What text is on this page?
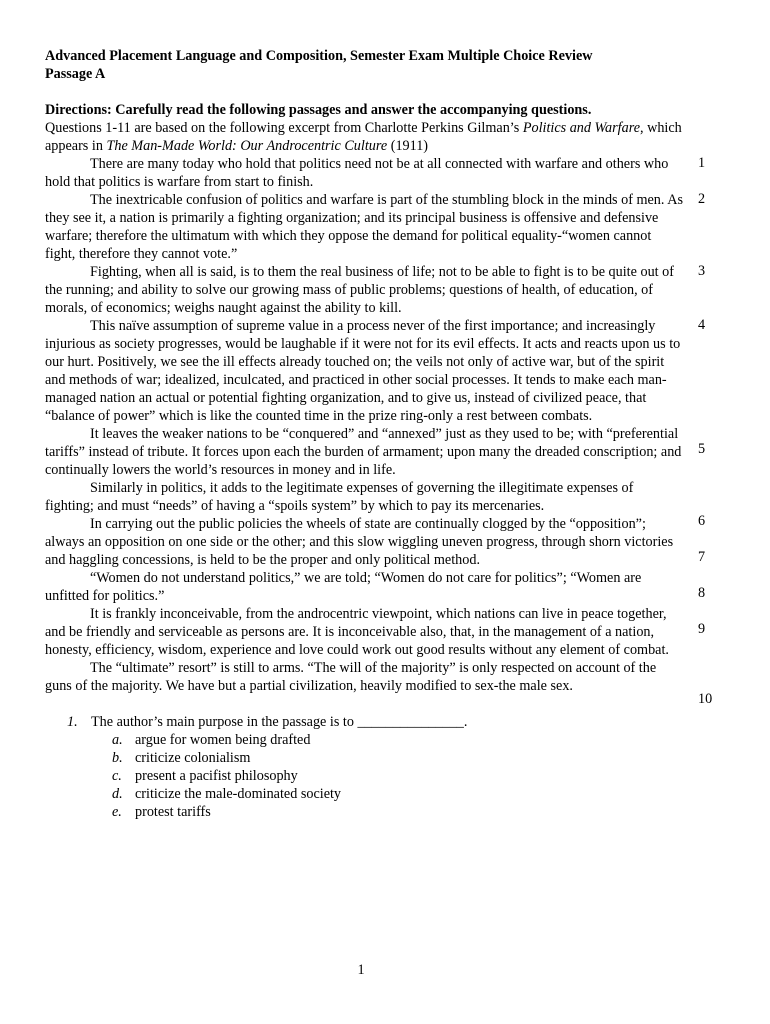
Advanced Placement Language and Composition, Semester Exam Multiple Choice Review
Passage A
Directions: Carefully read the following passages and answer the accompanying questions.
Questions 1-11 are based on the following excerpt from Charlotte Perkins Gilman’s Politics and Warfare, which appears in The Man-Made World: Our Androcentric Culture (1911)
There are many today who hold that politics need not be at all connected with warfare and others who hold that politics is warfare from start to finish.
The inextricable confusion of politics and warfare is part of the stumbling block in the minds of men. As they see it, a nation is primarily a fighting organization; and its principal business is offensive and defensive warfare; therefore the ultimatum with which they oppose the demand for political equality-“women cannot fight, therefore they cannot vote.”
Fighting, when all is said, is to them the real business of life; not to be able to fight is to be quite out of the running; and ability to solve our growing mass of public problems; questions of health, of education, of morals, of economics; weighs naught against the ability to kill.
This naïve assumption of supreme value in a process never of the first importance; and increasingly injurious as society progresses, would be laughable if it were not for its evil effects. It acts and reacts upon us to our hurt. Positively, we see the ill effects already touched on; the veils not only of active war, but of the spirit and methods of war; idealized, inculcated, and practiced in other social processes. It tends to make each man-managed nation an actual or potential fighting organization, and to give us, instead of civilized peace, that “balance of power” which is like the counted time in the prize ring-only a rest between combats.
It leaves the weaker nations to be “conquered” and “annexed” just as they used to be; with “preferential tariffs” instead of tribute. It forces upon each the burden of armament; upon many the dreaded conscription; and continually lowers the world’s resources in money and in life.
Similarly in politics, it adds to the legitimate expenses of governing the illegitimate expenses of fighting; and must “needs” of having a “spoils system” by which to pay its mercenaries.
In carrying out the public policies the wheels of state are continually clogged by the “opposition”; always an opposition on one side or the other; and this slow wiggling uneven progress, through shorn victories and haggling concessions, is held to be the proper and only political method.
“Women do not understand politics,” we are told; “Women do not care for politics”; “Women are unfitted for politics.”
It is frankly inconceivable, from the androcentric viewpoint, which nations can live in peace together, and be friendly and serviceable as persons are. It is inconceivable also, that, in the management of a nation, honesty, efficiency, wisdom, experience and love could work out good results without any element of combat.
The “ultimate” resort” is still to arms. “The will of the majority” is only respected on account of the guns of the majority. We have but a partial civilization, heavily modified to sex-the male sex.
1. The author’s main purpose in the passage is to _______________.
a. argue for women being drafted
b. criticize colonialism
c. present a pacifist philosophy
d. criticize the male-dominated society
e. protest tariffs
1
2
3
4
5
6
7
8
9
10
1
